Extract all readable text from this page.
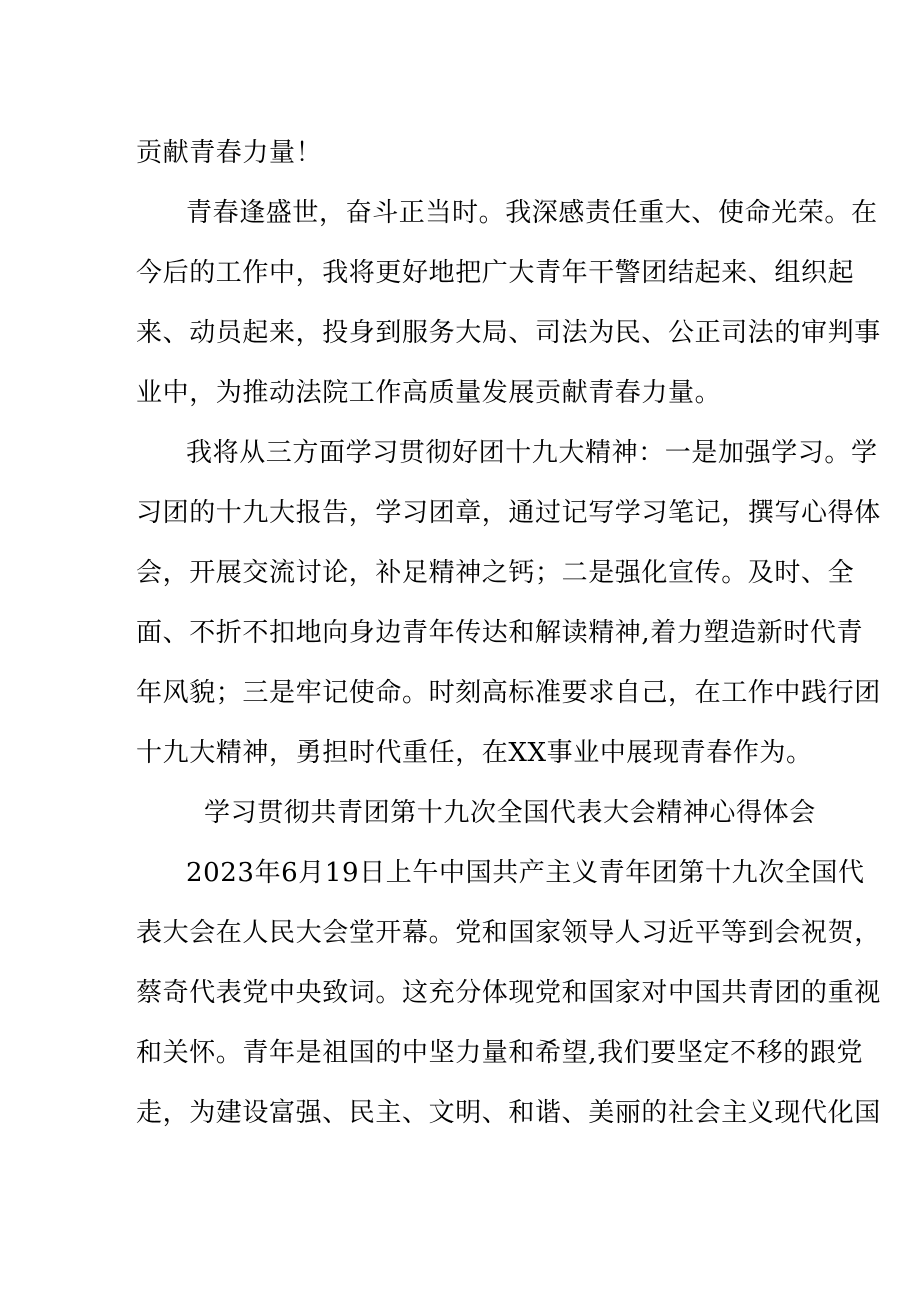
贡献青春力量！
青春逢盛世，奋斗正当时。我深感责任重大、使命光荣。在
今后的工作中，我将更好地把广大青年干警团结起来、组织起
来、动员起来，投身到服务大局、司法为民、公正司法的审判事
业中，为推动法院工作高质量发展贡献青春力量。
我将从三方面学习贯彻好团十九大精神：一是加强学习。学
习团的十九大报告，学习团章，通过记写学习笔记，撰写心得体
会，开展交流讨论，补足精神之钙；二是强化宣传。及时、全
面、不折不扣地向身边青年传达和解读精神,着力塑造新时代青
年风貌；三是牢记使命。时刻高标准要求自己，在工作中践行团
十九大精神，勇担时代重任，在XX事业中展现青春作为。
学习贯彻共青团第十九次全国代表大会精神心得体会
2023年6月19日上午中国共产主义青年团第十九次全国代
表大会在人民大会堂开幕。党和国家领导人习近平等到会祝贺，
蔡奇代表党中央致词。这充分体现党和国家对中国共青团的重视
和关怀。青年是祖国的中坚力量和希望,我们要坚定不移的跟党
走，为建设富强、民主、文明、和谐、美丽的社会主义现代化国
